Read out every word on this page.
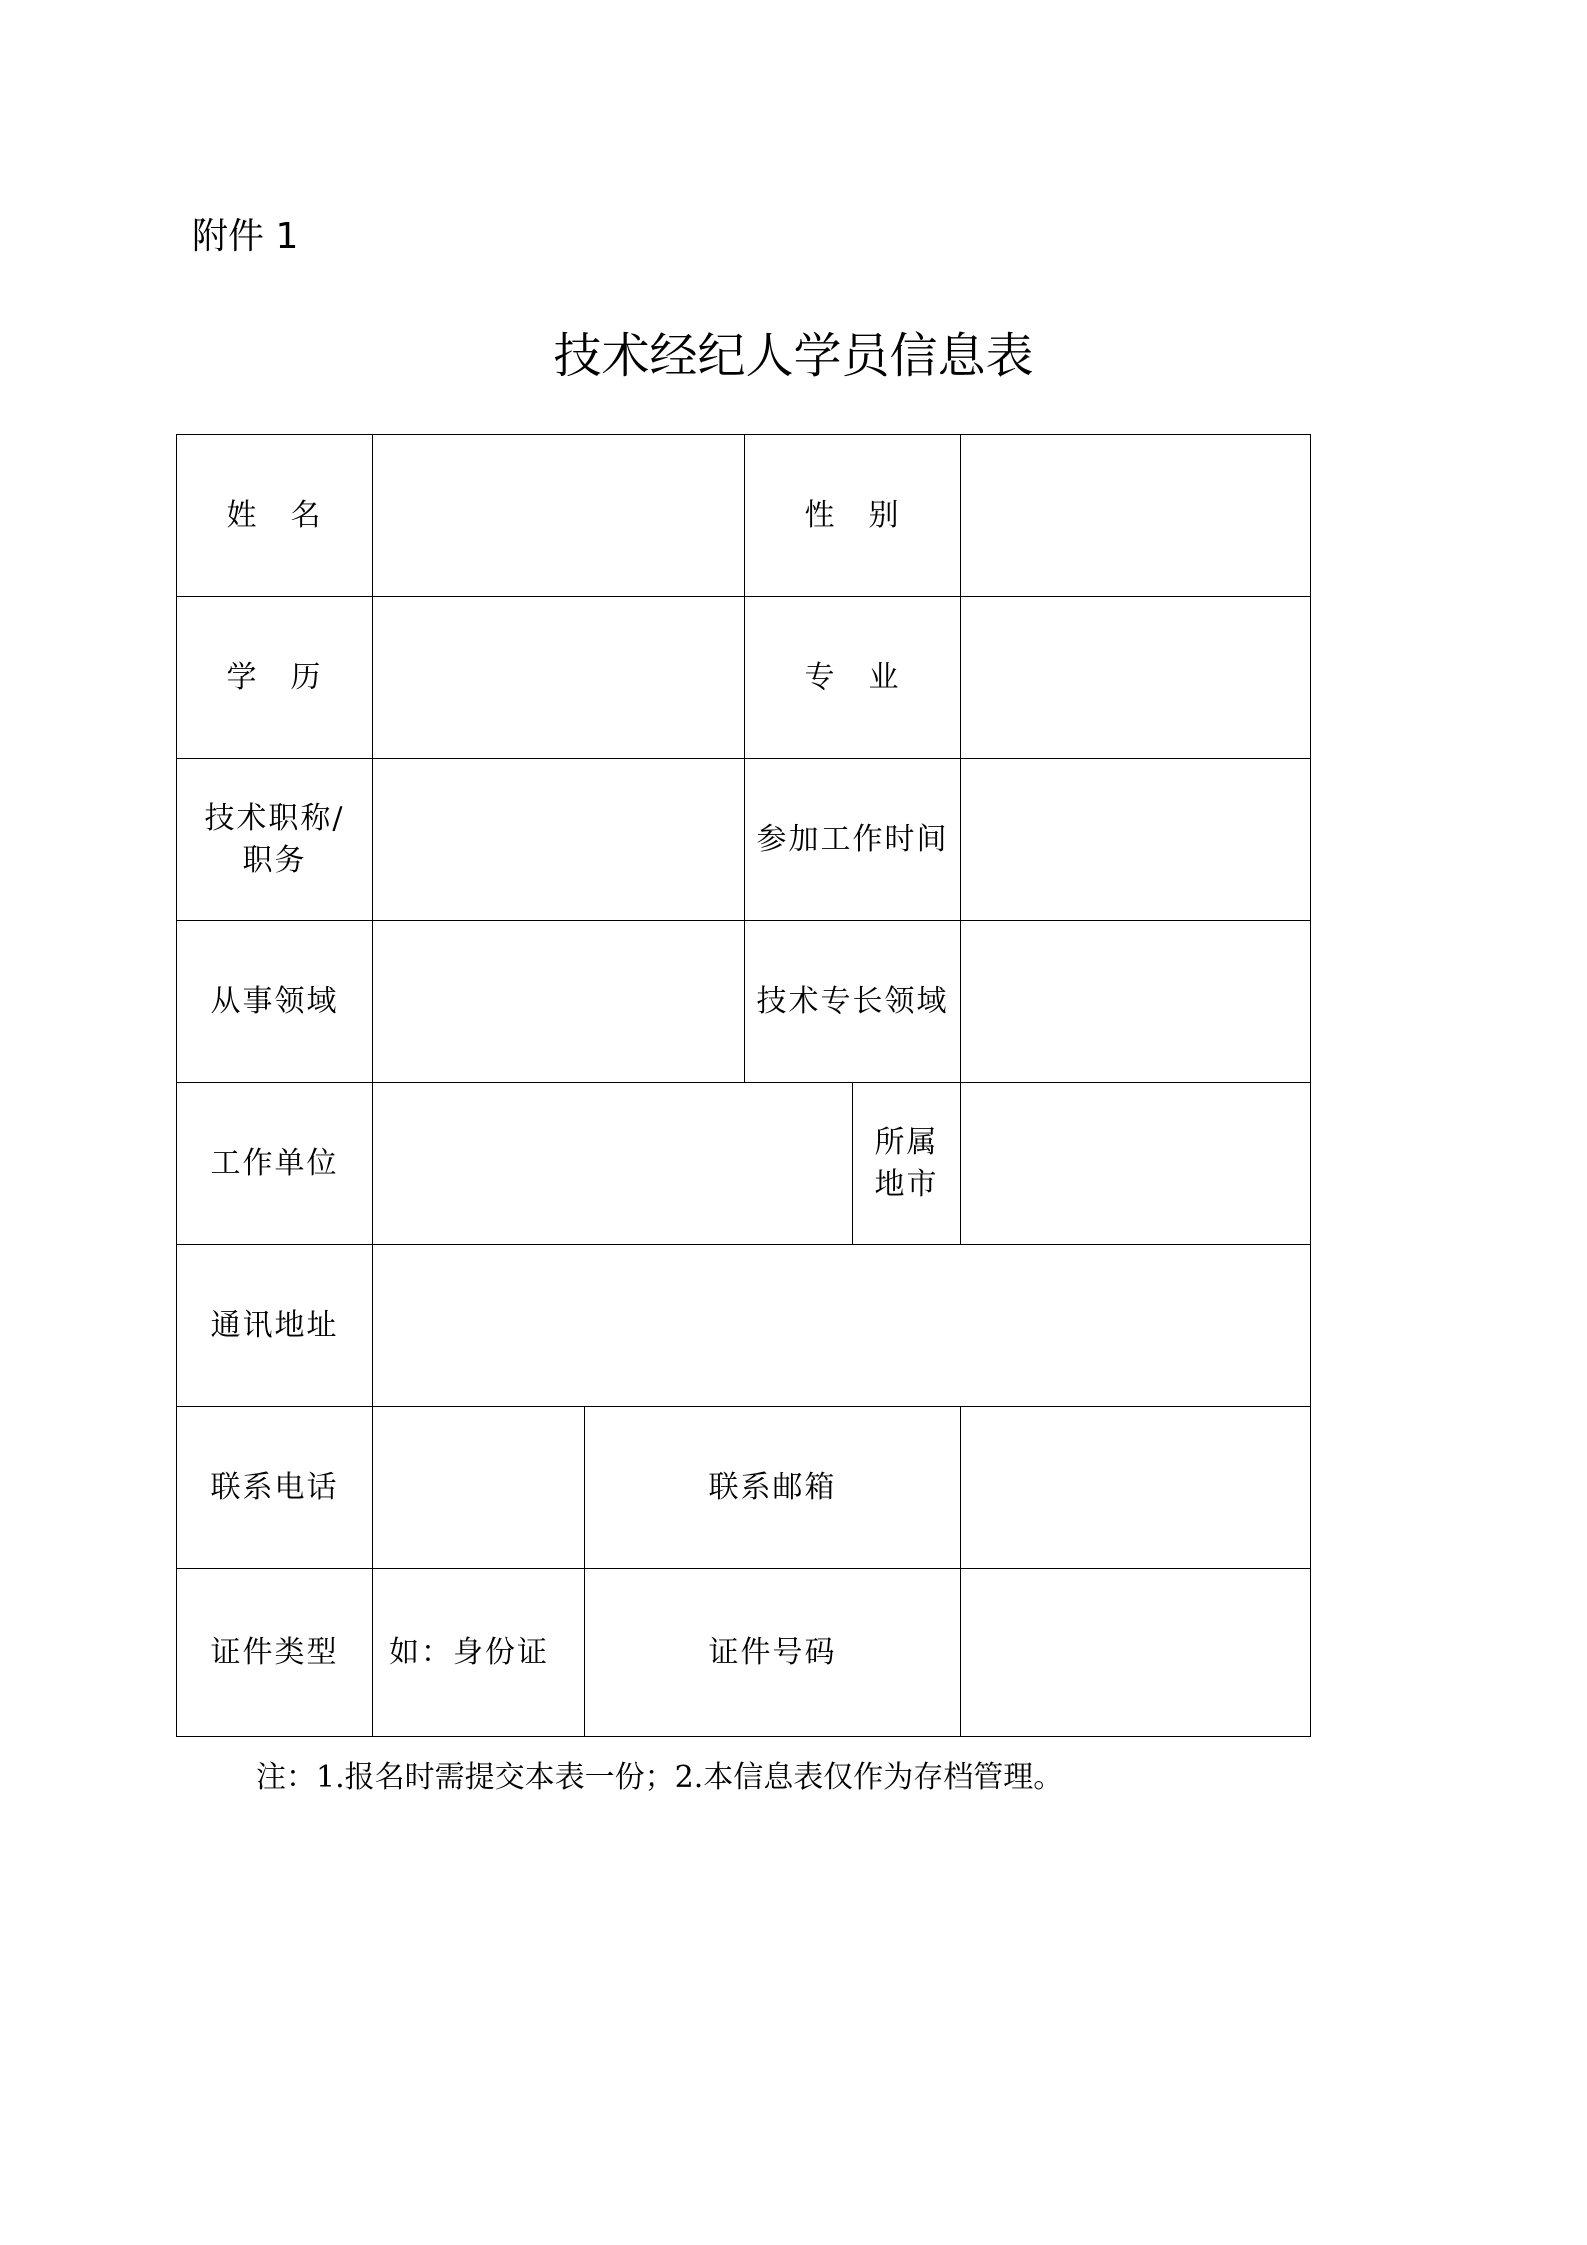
附件 1
技术经纪人学员信息表
姓　名			性　别		
学　历			专　业		

技术职称/
职务			参加工作时间		
从事领域			技术专长领域		
工作单位				所属
地市	

通讯地址					
联系电话		联系邮箱			
证件类型	如：身份证	证件号码			
注：1.报名时需提交本表一份；2.本信息表仅作为存档管理。
